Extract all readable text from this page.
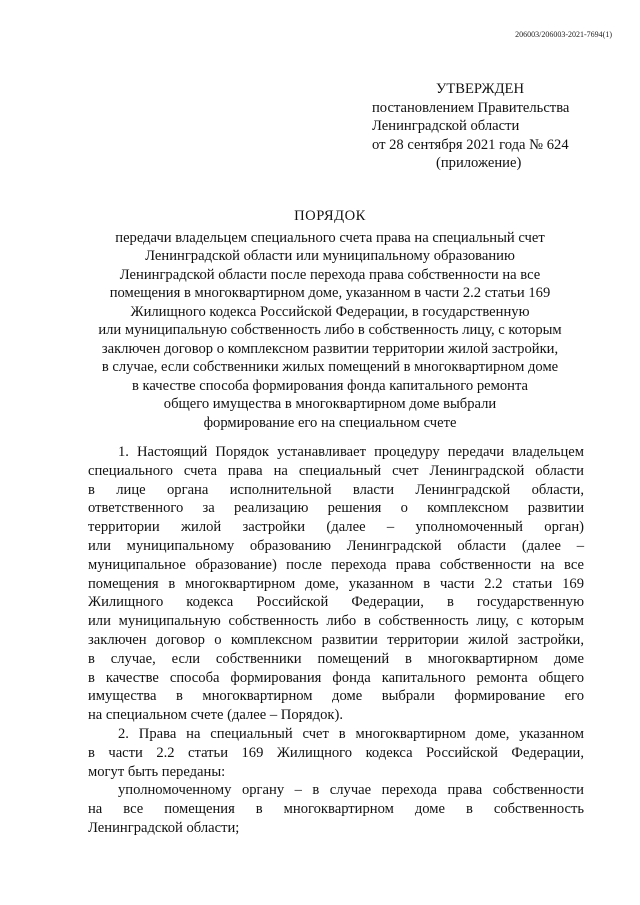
206003/206003-2021-7694(1)
УТВЕРЖДЕН
постановлением Правительства
Ленинградской области
от 28 сентября 2021 года № 624
(приложение)
ПОРЯДОК
передачи владельцем специального счета права на специальный счет
Ленинградской области или муниципальному образованию
Ленинградской области после перехода права собственности на все
помещения в многоквартирном доме, указанном в части 2.2 статьи 169
Жилищного кодекса Российской Федерации, в государственную
или муниципальную собственность либо в собственность лицу, с которым
заключен договор о комплексном развитии территории жилой застройки,
в случае, если собственники жилых помещений в многоквартирном доме
в качестве способа формирования фонда капитального ремонта
общего имущества в многоквартирном доме выбрали
формирование его на специальном счете
1. Настоящий Порядок устанавливает процедуру передачи владельцем
специального счета права на специальный счет Ленинградской области
в лице органа исполнительной власти Ленинградской области,
ответственного за реализацию решения о комплексном развитии
территории жилой застройки (далее – уполномоченный орган)
или муниципальному образованию Ленинградской области (далее –
муниципальное образование) после перехода права собственности на все
помещения в многоквартирном доме, указанном в части 2.2 статьи 169
Жилищного кодекса Российской Федерации, в государственную
или муниципальную собственность либо в собственность лицу, с которым
заключен договор о комплексном развитии территории жилой застройки,
в случае, если собственники помещений в многоквартирном доме
в качестве способа формирования фонда капитального ремонта общего
имущества в многоквартирном доме выбрали формирование его
на специальном счете (далее – Порядок).
2. Права на специальный счет в многоквартирном доме, указанном
в части 2.2 статьи 169 Жилищного кодекса Российской Федерации,
могут быть переданы:
уполномоченному органу – в случае перехода права собственности
на все помещения в многоквартирном доме в собственность
Ленинградской области;
